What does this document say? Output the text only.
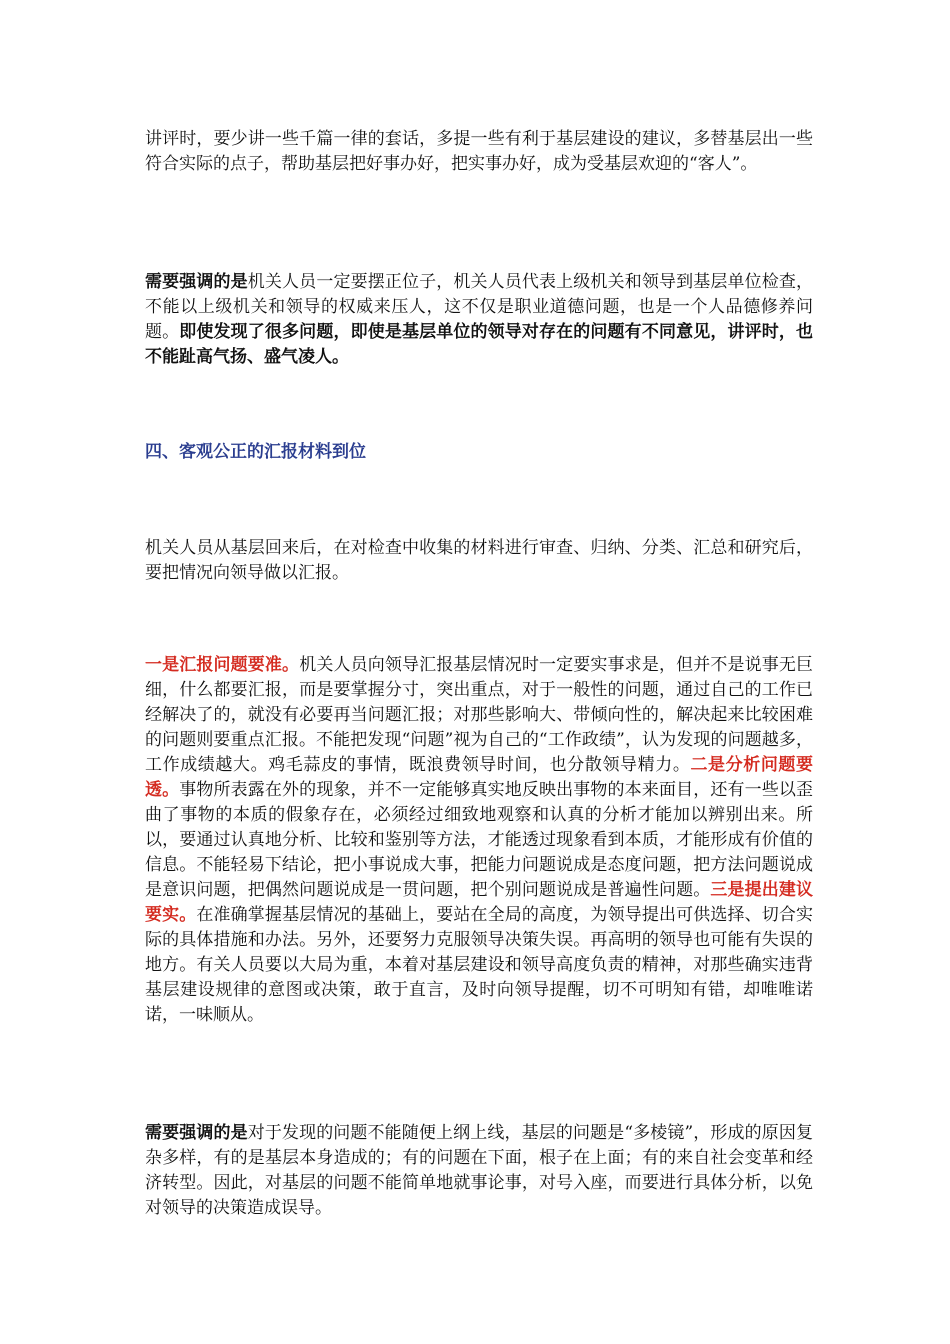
讲评时，要少讲一些千篇一律的套话，多提一些有利于基层建设的建议，多替基层出一些符合实际的点子，帮助基层把好事办好，把实事办好，成为受基层欢迎的“客人”。

需要强调的是机关人员一定要摆正位子，机关人员代表上级机关和领导到基层单位检查，不能以上级机关和领导的权威来压人，这不仅是职业道德问题，也是一个人品德修养问题。即使发现了很多问题，即使是基层单位的领导对存在的问题有不同意见，讲评时，也不能趾高气扬、盛气凌人。

四、客观公正的汇报材料到位

机关人员从基层回来后，在对检查中收集的材料进行审查、归纳、分类、汇总和研究后，要把情况向领导做以汇报。

一是汇报问题要准。机关人员向领导汇报基层情况时一定要实事求是，但并不是说事无巨细，什么都要汇报，而是要掌握分寸，突出重点，对于一般性的问题，通过自己的工作已经解决了的，就没有必要再当问题汇报；对那些影响大、带倾向性的，解决起来比较困难的问题则要重点汇报。不能把发现“问题”视为自己的“工作政绩”，认为发现的问题越多，工作成绩越大。鸡毛蒜皮的事情，既浪费领导时间，也分散领导精力。二是分析问题要透。事物所表露在外的现象，并不一定能够真实地反映出事物的本来面目，还有一些以歪曲了事物的本质的假象存在，必须经过细致地观察和认真的分析才能加以辨别出来。所以，要通过认真地分析、比较和鉴别等方法，才能透过现象看到本质，才能形成有价值的信息。不能轻易下结论，把小事说成大事，把能力问题说成是态度问题，把方法问题说成是意识问题，把偶然问题说成是一贯问题，把个别问题说成是普遍性问题。三是提出建议要实。在准确掌握基层情况的基础上，要站在全局的高度，为领导提出可供选择、切合实际的具体措施和办法。另外，还要努力克服领导决策失误。再高明的领导也可能有失误的地方。有关人员要以大局为重，本着对基层建设和领导高度负责的精神，对那些确实违背基层建设规律的意图或决策，敢于直言，及时向领导提醒，切不可明知有错，却唯唯诺诺，一味顺从。

需要强调的是对于发现的问题不能随便上纲上线，基层的问题是“多棱镜”，形成的原因复杂多样，有的是基层本身造成的；有的问题在下面，根子在上面；有的来自社会变革和经济转型。因此，对基层的问题不能简单地就事论事，对号入座，而要进行具体分析，以免对领导的决策造成误导。
